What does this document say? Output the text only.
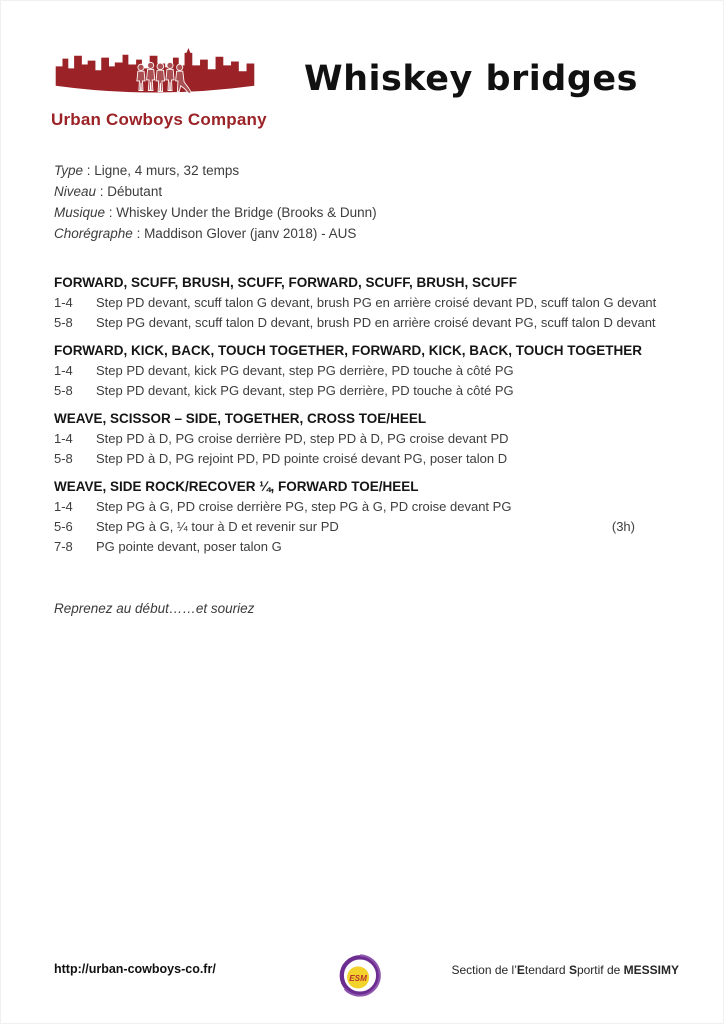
Urban Cowboys Company
Whiskey bridges
Type : Ligne, 4 murs, 32 temps
Niveau : Débutant
Musique : Whiskey Under the Bridge (Brooks & Dunn)
Chorégraphe : Maddison Glover (janv 2018) - AUS
FORWARD, SCUFF, BRUSH, SCUFF, FORWARD, SCUFF, BRUSH, SCUFF
1-4	Step PD devant, scuff talon G devant, brush PG en arrière croisé devant PD, scuff talon G devant
5-8	Step PG devant, scuff talon D devant, brush PD en arrière croisé devant PG, scuff talon D devant
FORWARD, KICK, BACK, TOUCH TOGETHER, FORWARD, KICK, BACK, TOUCH TOGETHER
1-4	Step PD devant, kick PG devant, step PG derrière, PD touche à côté PG
5-8	Step PD devant, kick PG devant, step PG derrière, PD touche à côté PG
WEAVE, SCISSOR – SIDE, TOGETHER, CROSS TOE/HEEL
1-4	Step PD à D, PG croise derrière PD, step PD à D, PG croise devant PD
5-8	Step PD à D, PG rejoint PD, PD pointe croisé devant PG, poser talon D
WEAVE, SIDE ROCK/RECOVER ¼, FORWARD TOE/HEEL
1-4	Step PG à G, PD croise derrière PG, step PG à G, PD croise devant PG
5-6	Step PG à G, ¼ tour à D et revenir sur PD	(3h)
7-8	PG pointe devant, poser talon G

Reprenez au début……et souriez

http://urban-cowboys-co.fr/
ESM
Section de l’Etendard Sportif de MESSIMY
